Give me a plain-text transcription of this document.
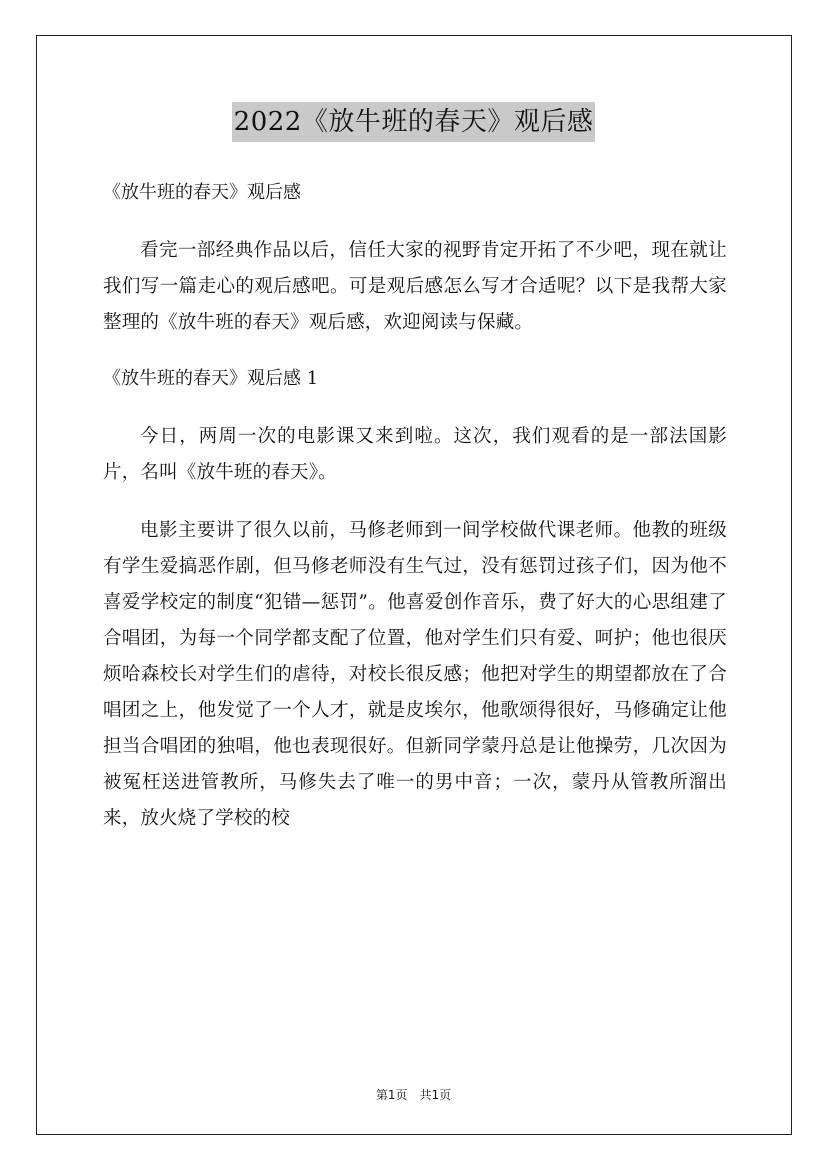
2022《放牛班的春天》观后感

《放牛班的春天》观后感

看完一部经典作品以后，信任大家的视野肯定开拓了不少吧，现在就让我们写一篇走心的观后感吧。可是观后感怎么写才合适呢？以下是我帮大家整理的《放牛班的春天》观后感，欢迎阅读与保藏。

《放牛班的春天》观后感 1

今日，两周一次的电影课又来到啦。这次，我们观看的是一部法国影片，名叫《放牛班的春天》。

电影主要讲了很久以前，马修老师到一间学校做代课老师。他教的班级有学生爱搞恶作剧，但马修老师没有生气过，没有惩罚过孩子们，因为他不喜爱学校定的制度“犯错—惩罚”。他喜爱创作音乐，费了好大的心思组建了合唱团，为每一个同学都支配了位置，他对学生们只有爱、呵护；他也很厌烦哈森校长对学生们的虐待，对校长很反感；他把对学生的期望都放在了合唱团之上，他发觉了一个人才，就是皮埃尔，他歌颂得很好，马修确定让他担当合唱团的独唱，他也表现很好。但新同学蒙丹总是让他操劳，几次因为被冤枉送进管教所，马修失去了唯一的男中音；一次，蒙丹从管教所溜出来，放火烧了学校的校

第1页　共1页
